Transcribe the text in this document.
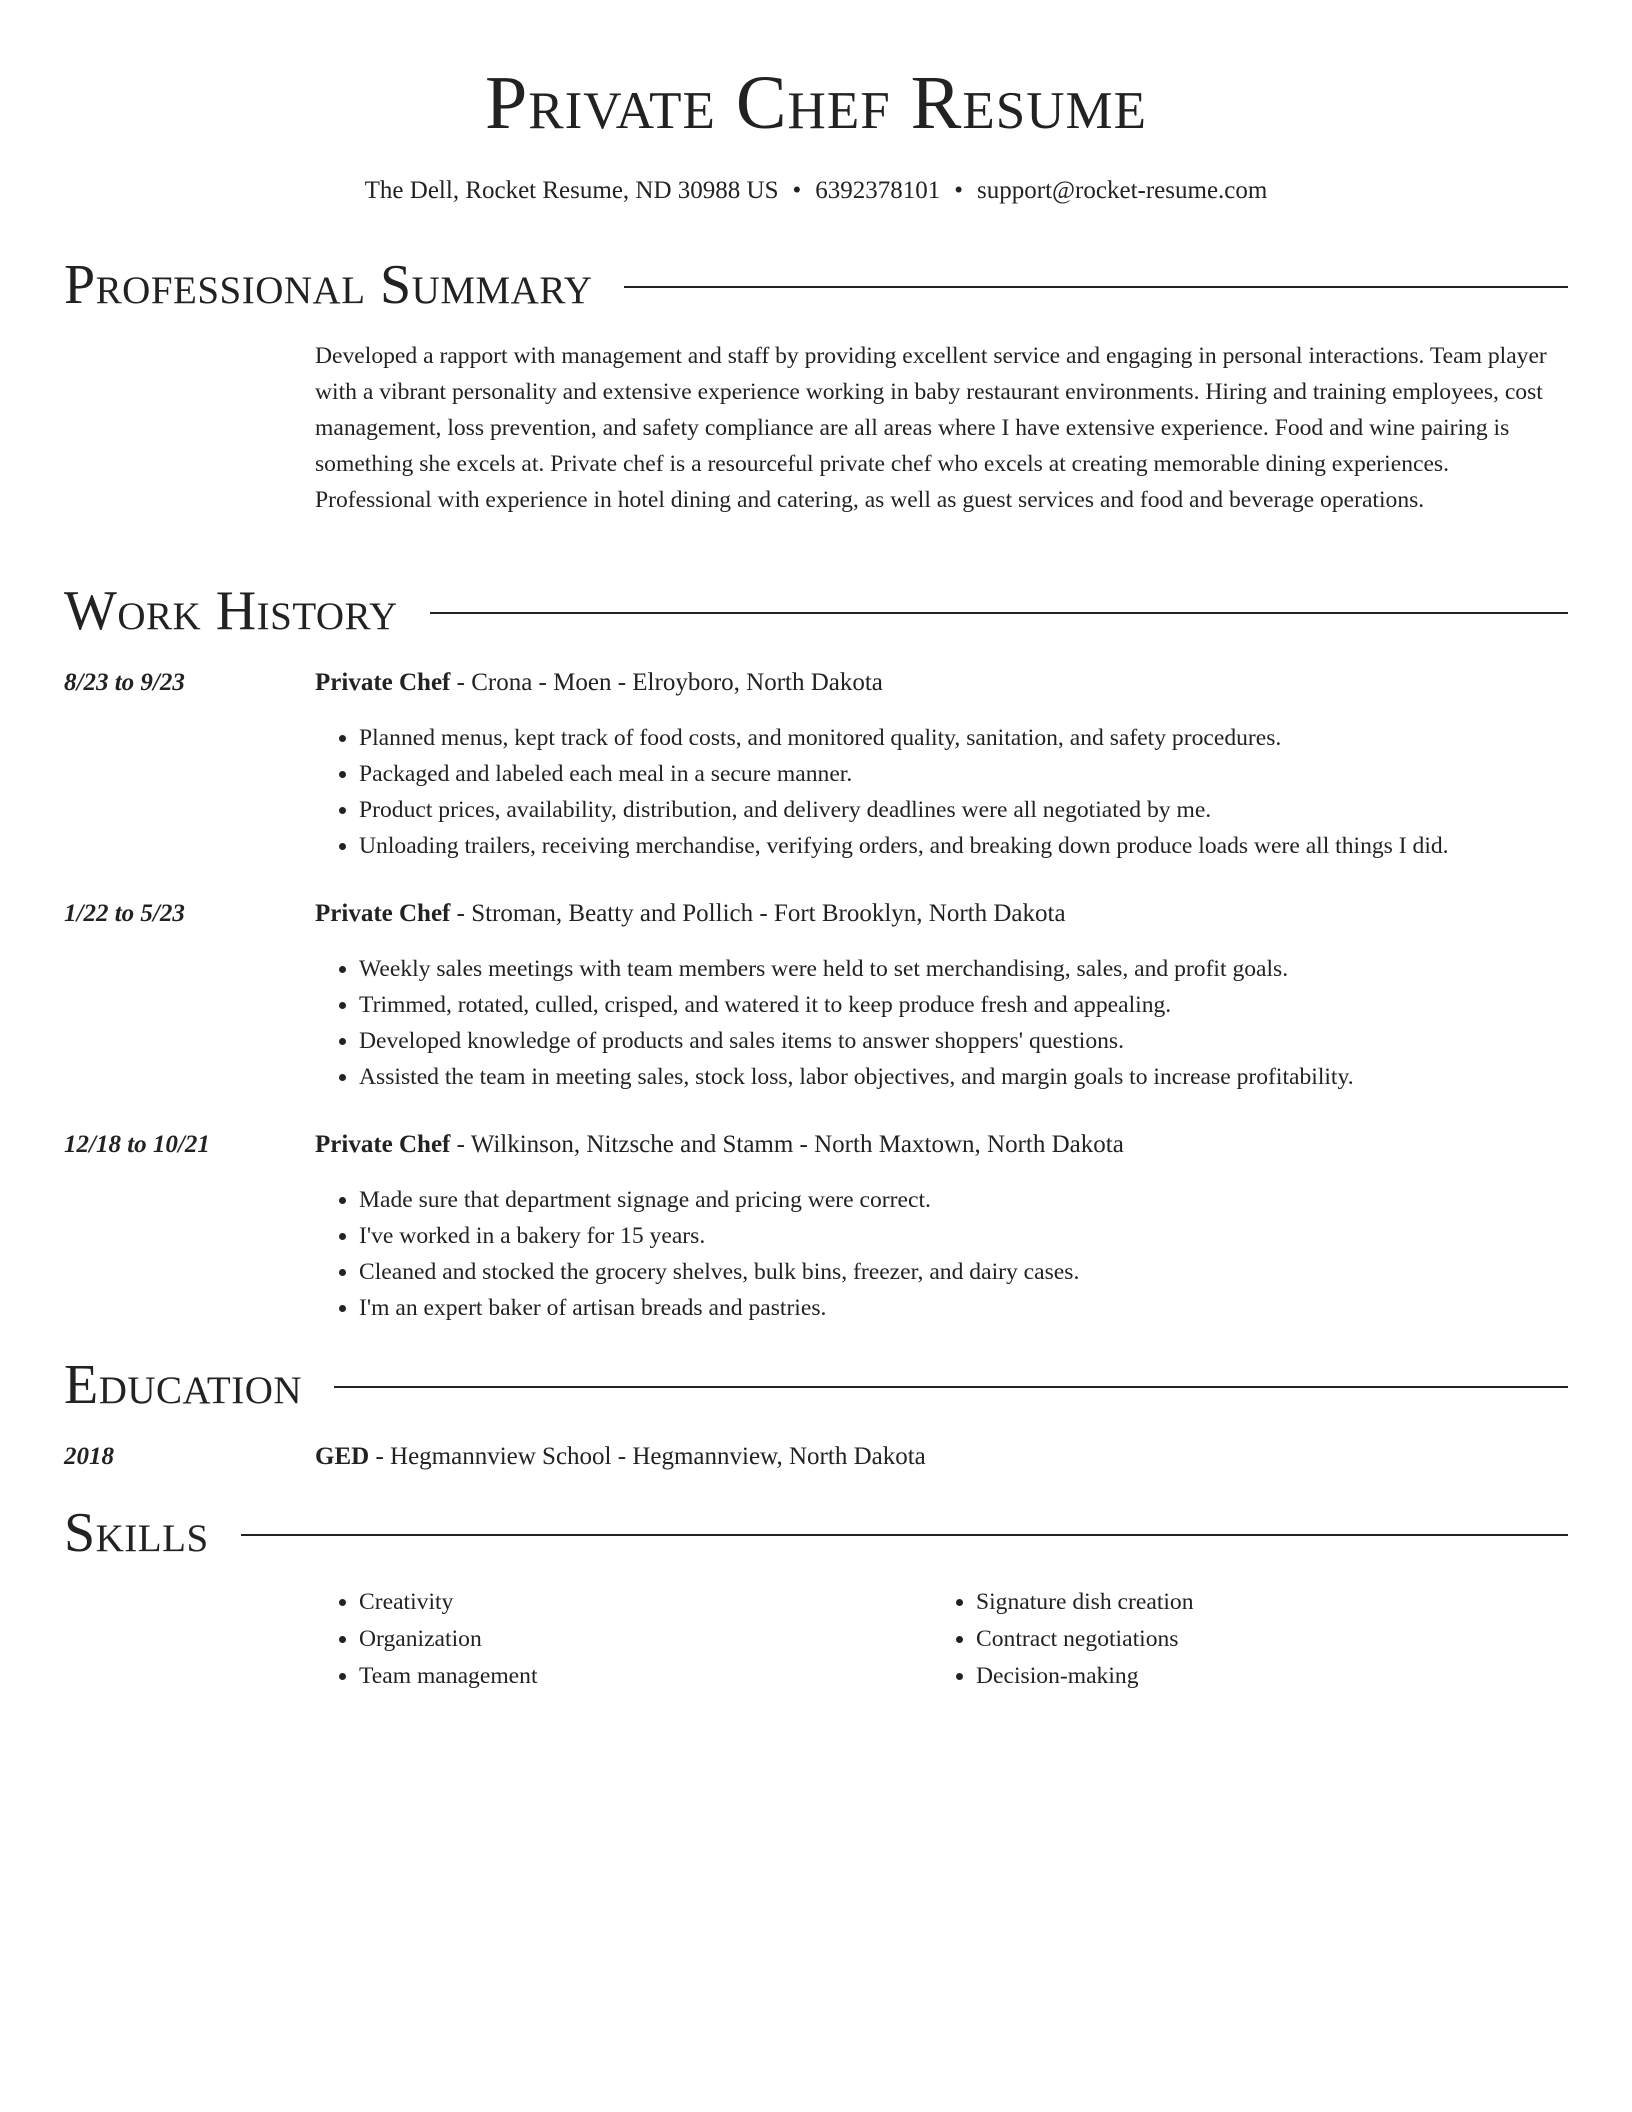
Private Chef Resume
The Dell, Rocket Resume, ND 30988 US • 6392378101 • support@rocket-resume.com
Professional Summary
Developed a rapport with management and staff by providing excellent service and engaging in personal interactions. Team player with a vibrant personality and extensive experience working in baby restaurant environments. Hiring and training employees, cost management, loss prevention, and safety compliance are all areas where I have extensive experience. Food and wine pairing is something she excels at. Private chef is a resourceful private chef who excels at creating memorable dining experiences. Professional with experience in hotel dining and catering, as well as guest services and food and beverage operations.
Work History
8/23 to 9/23	Private Chef - Crona - Moen - Elroyboro, North Dakota
• Planned menus, kept track of food costs, and monitored quality, sanitation, and safety procedures.
• Packaged and labeled each meal in a secure manner.
• Product prices, availability, distribution, and delivery deadlines were all negotiated by me.
• Unloading trailers, receiving merchandise, verifying orders, and breaking down produce loads were all things I did.
1/22 to 5/23	Private Chef - Stroman, Beatty and Pollich - Fort Brooklyn, North Dakota
• Weekly sales meetings with team members were held to set merchandising, sales, and profit goals.
• Trimmed, rotated, culled, crisped, and watered it to keep produce fresh and appealing.
• Developed knowledge of products and sales items to answer shoppers' questions.
• Assisted the team in meeting sales, stock loss, labor objectives, and margin goals to increase profitability.
12/18 to 10/21	Private Chef - Wilkinson, Nitzsche and Stamm - North Maxtown, North Dakota
• Made sure that department signage and pricing were correct.
• I've worked in a bakery for 15 years.
• Cleaned and stocked the grocery shelves, bulk bins, freezer, and dairy cases.
• I'm an expert baker of artisan breads and pastries.
Education
2018	GED - Hegmannview School - Hegmannview, North Dakota
Skills
• Creativity
• Organization
• Team management
• Signature dish creation
• Contract negotiations
• Decision-making
